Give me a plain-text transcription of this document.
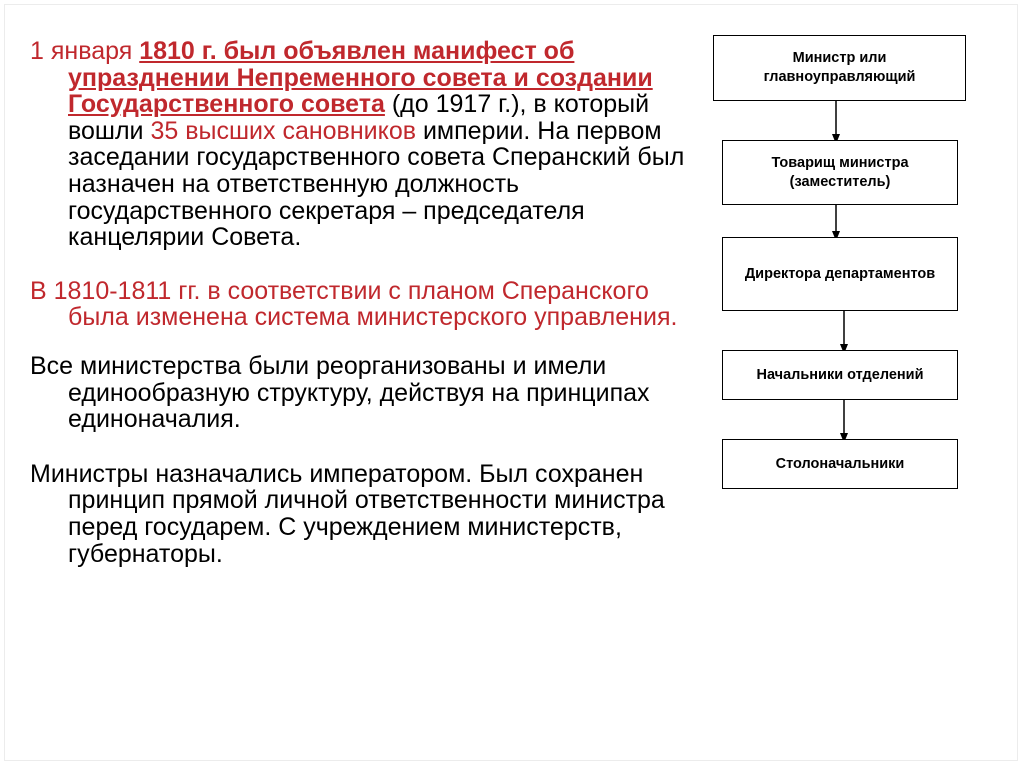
1 января 1810 г. был объявлен манифест об упразднении Непременного совета и создании Государственного совета (до 1917 г.), в который вошли 35 высших сановников империи. На первом заседании государственного совета Сперанский был назначен на ответственную должность государственного секретаря – председателя канцелярии Совета.

В 1810-1811 гг. в соответствии с планом Сперанского была изменена система министерского управления.

Все министерства были реорганизованы и имели единообразную структуру, действуя на принципах единоначалия.

Министры назначались императором. Был сохранен принцип прямой личной ответственности министра перед государем. С учреждением министерств, губернаторы.

Министр или
главноуправляющий
Товарищ министра
(заместитель)
Директора департаментов
Начальники отделений
Столоначальники
